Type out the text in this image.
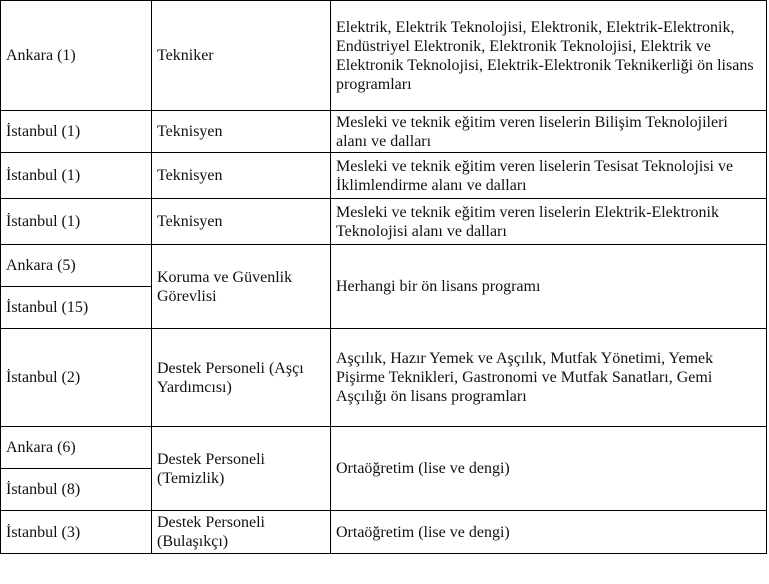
Ankara (1)	Tekniker	Elektrik, Elektrik Teknolojisi, Elektronik, Elektrik-Elektronik, Endüstriyel Elektronik, Elektronik Teknolojisi, Elektrik ve Elektronik Teknolojisi, Elektrik-Elektronik Teknikerliği ön lisans programları
İstanbul (1)	Teknisyen	Mesleki ve teknik eğitim veren liselerin Bilişim Teknolojileri alanı ve dalları
İstanbul (1)	Teknisyen	Mesleki ve teknik eğitim veren liselerin Tesisat Teknolojisi ve İklimlendirme alanı ve dalları
İstanbul (1)	Teknisyen	Mesleki ve teknik eğitim veren liselerin Elektrik-Elektronik Teknolojisi alanı ve dalları
Ankara (5)	Koruma ve Güvenlik Görevlisi	Herhangi bir ön lisans programı
İstanbul (15)		
İstanbul (2)	Destek Personeli (Aşçı Yardımcısı)	Aşçılık, Hazır Yemek ve Aşçılık, Mutfak Yönetimi, Yemek Pişirme Teknikleri, Gastronomi ve Mutfak Sanatları, Gemi Aşçılığı ön lisans programları
Ankara (6)	Destek Personeli (Temizlik)	Ortaöğretim (lise ve dengi)
İstanbul (8)		
İstanbul (3)	Destek Personeli (Bulaşıkçı)	Ortaöğretim (lise ve dengi)
